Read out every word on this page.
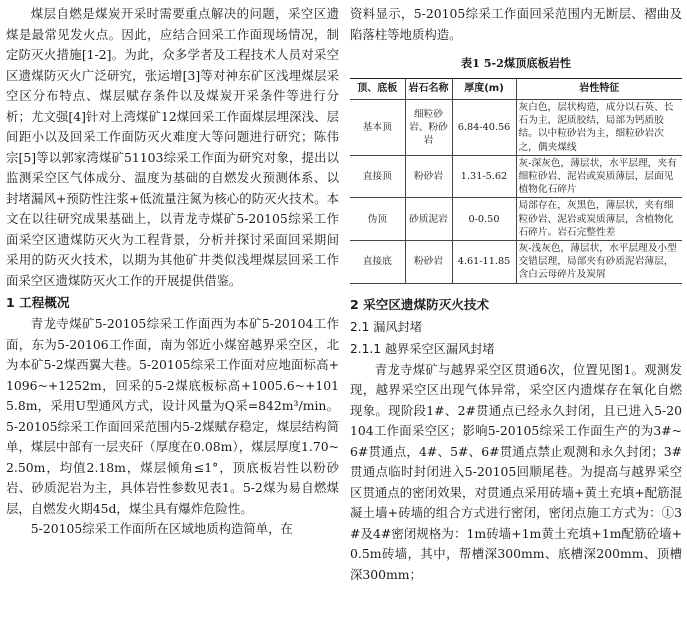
煤层自燃是煤炭开采时需要重点解决的问题，采空区遗煤是最常见发火点。因此，应结合回采工作面现场情况，制定防灭火措施[1-2]。为此，众多学者及工程技术人员对采空区遗煤防灭火广泛研究，张运增[3]等对神东矿区浅埋煤层采空区分布特点、煤层赋存条件以及煤炭开采条件等进行分析；尤文强[4]针对上湾煤矿12煤回采工作面煤层埋深浅、层间距小以及回采工作面防灭火难度大等问题进行研究；陈伟宗[5]等以郭家湾煤矿51103综采工作面为研究对象，提出以监测采空区气体成分、温度为基础的自燃发火预测体系、以封堵漏风+预防性注浆+低流量注氮为核心的防灭火技术。本文在以往研究成果基础上，以青龙寺煤矿5-20105综采工作面采空区遗煤防灭火为工程背景，分析并探讨采面回采期间采用的防灭火技术，以期为其他矿井类似浅埋煤层回采工作面采空区遗煤防灭火工作的开展提供借鉴。
1 工程概况
青龙寺煤矿5-20105综采工作面西为本矿5-20104工作面，东为5-20106工作面，南为邻近小煤窑越界采空区，北为本矿5-2煤西翼大巷。5-20105综采工作面对应地面标高+1096~+1252m，回采的5-2煤底板标高+1005.6~+1015.8m，采用U型通风方式，设计风量为Q采=842m³/min。5-20105综采工作面回采范围内5-2煤赋存稳定，煤层结构简单，煤层中部有一层夹矸（厚度在0.08m），煤层厚度1.70~2.50m，均值2.18m，煤层倾角≤1°，顶底板岩性以粉砂岩、砂质泥岩为主，具体岩性参数见表1。5-2煤为易自燃煤层，自燃发火期45d，煤尘具有爆炸危险性。
5-20105综采工作面所在区域地质构造简单，在
资料显示，5-20105综采工作面回采范围内无断层、褶曲及陷落柱等地质构造。
表1 5-2煤顶底板岩性
顶、底板	岩石名称	厚度(m)	岩性特征
基本顶	细粒砂岩、粉砂岩	6.84-40.56	灰白色，层状构造，成分以石英、长石为主，泥质胶结，局部为钙质胶结。以中粒砂岩为主，细粒砂岩次之，偶夹煤线
直接顶	粉砂岩	1.31-5.62	灰-深灰色，薄层状，水平层理，夹有细粒砂岩、泥岩或炭质薄层，层面见植物化石碎片
伪顶	砂质泥岩	0-0.50	局部存在，灰黑色，薄层状，夹有细粒砂岩、泥岩或炭质薄层，含植物化石碎片。岩石完整性差
直接底	粉砂岩	4.61-11.85	灰-浅灰色，薄层状，水平层理及小型交错层理，局部夹有砂质泥岩薄层，含白云母碎片及炭屑
2 采空区遗煤防灭火技术
2.1 漏风封堵
2.1.1 越界采空区漏风封堵
青龙寺煤矿与越界采空区贯通6次，位置见图1。观测发现，越界采空区出现气体异常，采空区内遗煤存在氧化自燃现象。现阶段1#、2#贯通点已经永久封闭，且已进入5-20104工作面采空区；影响5-20105综采工作面生产的为3#~6#贯通点，4#、5#、6#贯通点禁止观测和永久封闭；3#贯通点临时封闭进入5-20105回顺尾巷。为提高与越界采空区贯通点的密闭效果，对贯通点采用砖墙+黄土充填+配筋混凝土墙+砖墙的组合方式进行密闭，密闭点施工方式为：①3#及4#密闭规格为：1m砖墙+1m黄土充填+1m配筋砼墙+0.5m砖墙，其中，帮槽深300mm、底槽深200mm、顶槽深300mm；
